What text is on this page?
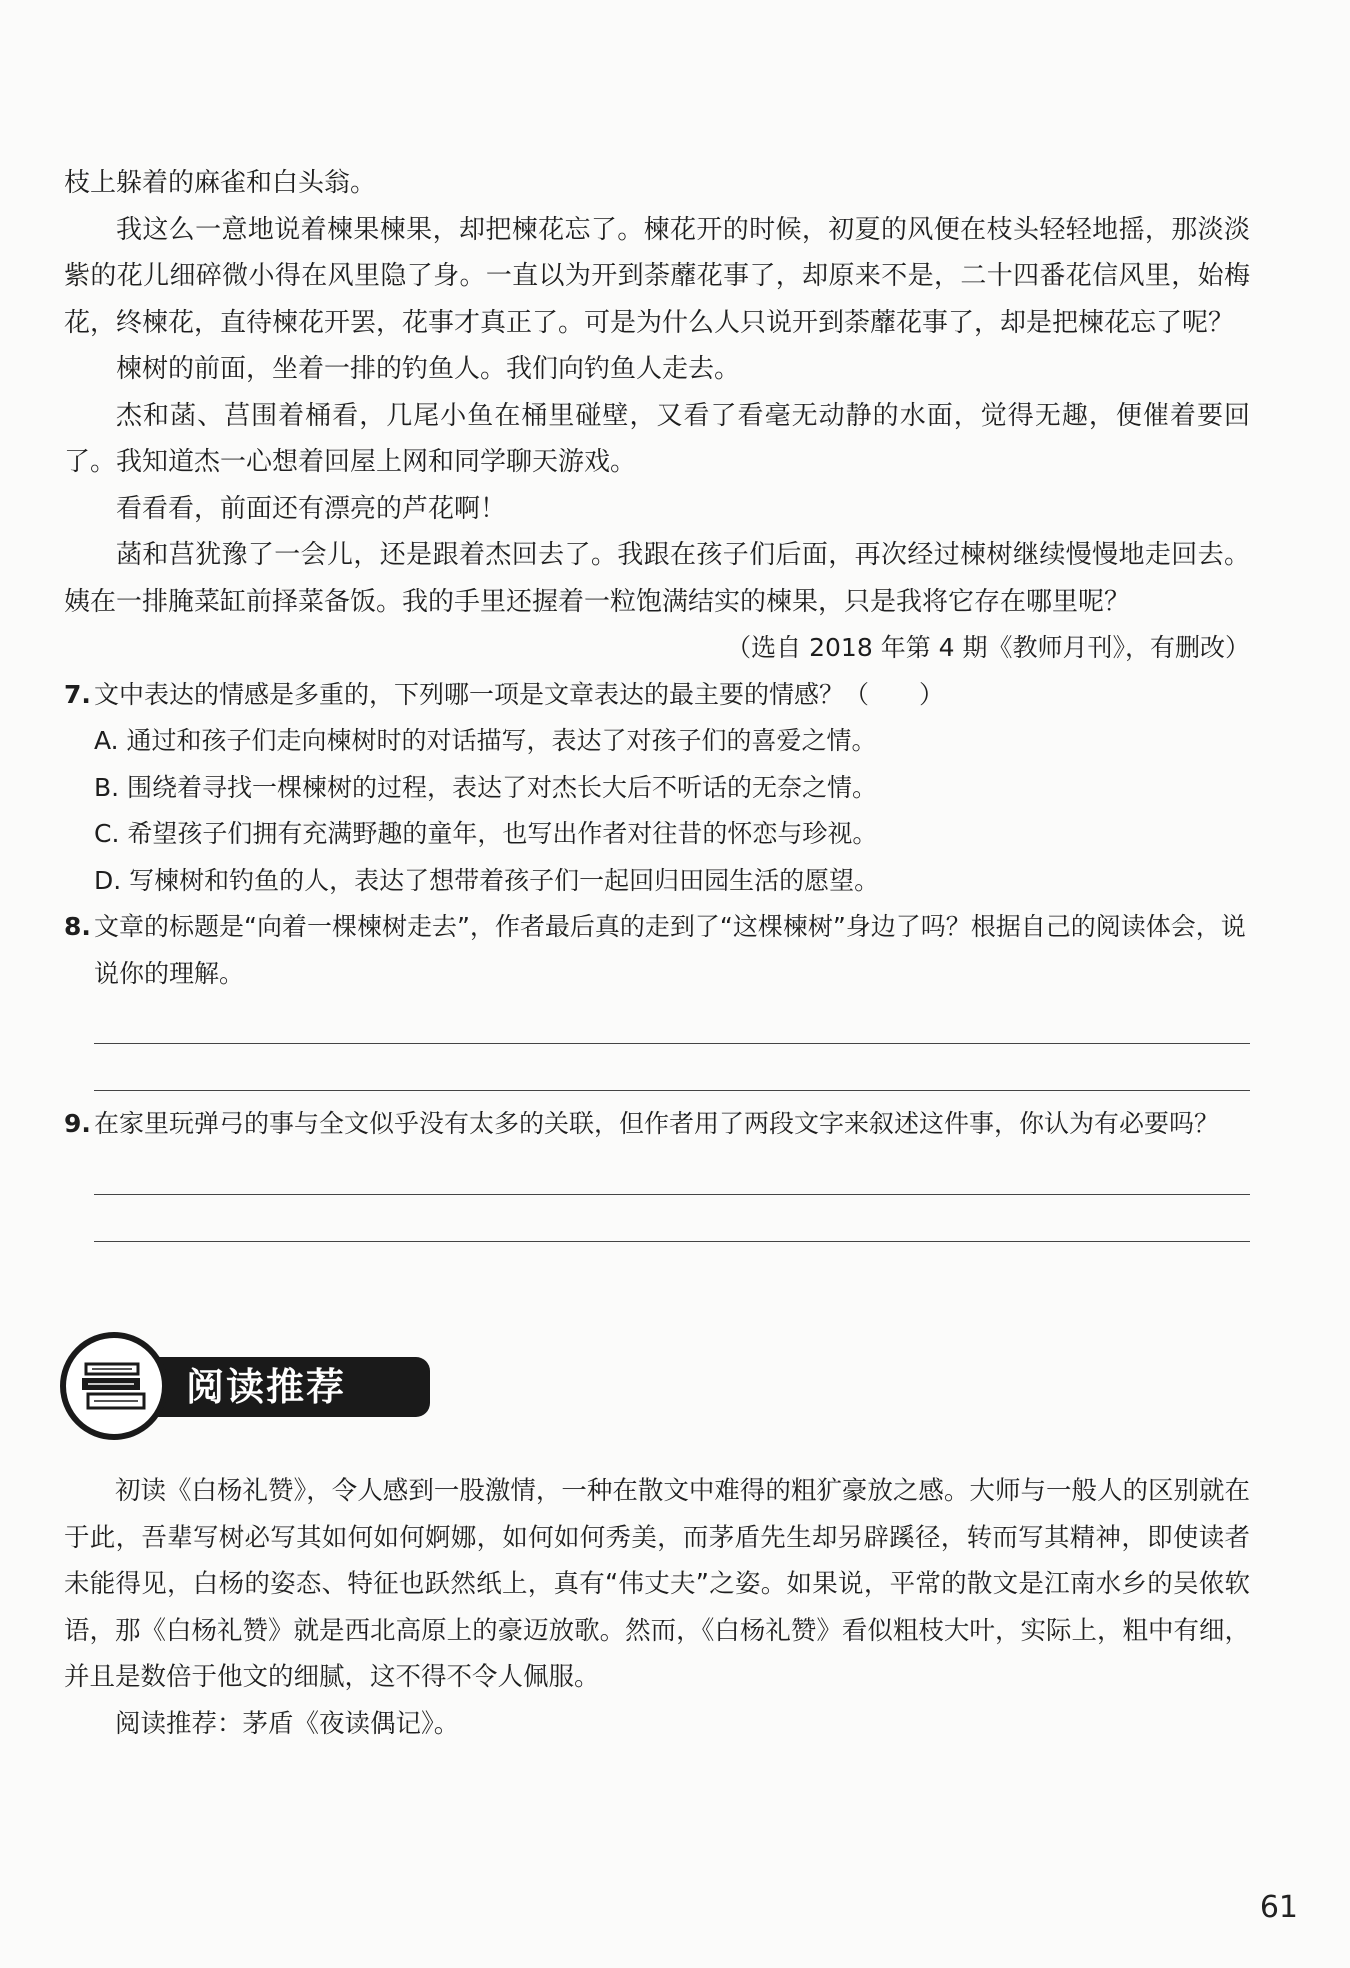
枝上躲着的麻雀和白头翁。

我这么一意地说着楝果楝果，却把楝花忘了。楝花开的时候，初夏的风便在枝头轻轻地摇，那淡淡紫的花儿细碎微小得在风里隐了身。一直以为开到荼蘼花事了，却原来不是，二十四番花信风里，始梅花，终楝花，直待楝花开罢，花事才真正了。可是为什么人只说开到荼蘼花事了，却是把楝花忘了呢？

楝树的前面，坐着一排的钓鱼人。我们向钓鱼人走去。

杰和菡、莒围着桶看，几尾小鱼在桶里碰壁，又看了看毫无动静的水面，觉得无趣，便催着要回了。我知道杰一心想着回屋上网和同学聊天游戏。

看看看，前面还有漂亮的芦花啊！

菡和莒犹豫了一会儿，还是跟着杰回去了。我跟在孩子们后面，再次经过楝树继续慢慢地走回去。姨在一排腌菜缸前择菜备饭。我的手里还握着一粒饱满结实的楝果，只是我将它存在哪里呢？

（选自 2018 年第 4 期《教师月刊》，有删改）

7. 文中表达的情感是多重的，下列哪一项是文章表达的最主要的情感？（　　）

A. 通过和孩子们走向楝树时的对话描写，表达了对孩子们的喜爱之情。

B. 围绕着寻找一棵楝树的过程，表达了对杰长大后不听话的无奈之情。

C. 希望孩子们拥有充满野趣的童年，也写出作者对往昔的怀恋与珍视。

D. 写楝树和钓鱼的人，表达了想带着孩子们一起回归田园生活的愿望。

8. 文章的标题是“向着一棵楝树走去”，作者最后真的走到了“这棵楝树”身边了吗？根据自己的阅读体会，说说你的理解。

9. 在家里玩弹弓的事与全文似乎没有太多的关联，但作者用了两段文字来叙述这件事，你认为有必要吗？

阅读推荐

初读《白杨礼赞》，令人感到一股激情，一种在散文中难得的粗犷豪放之感。大师与一般人的区别就在于此，吾辈写树必写其如何如何婀娜，如何如何秀美，而茅盾先生却另辟蹊径，转而写其精神，即使读者未能得见，白杨的姿态、特征也跃然纸上，真有“伟丈夫”之姿。如果说，平常的散文是江南水乡的吴侬软语，那《白杨礼赞》就是西北高原上的豪迈放歌。然而，《白杨礼赞》看似粗枝大叶，实际上，粗中有细，并且是数倍于他文的细腻，这不得不令人佩服。

阅读推荐：茅盾《夜读偶记》。

61
